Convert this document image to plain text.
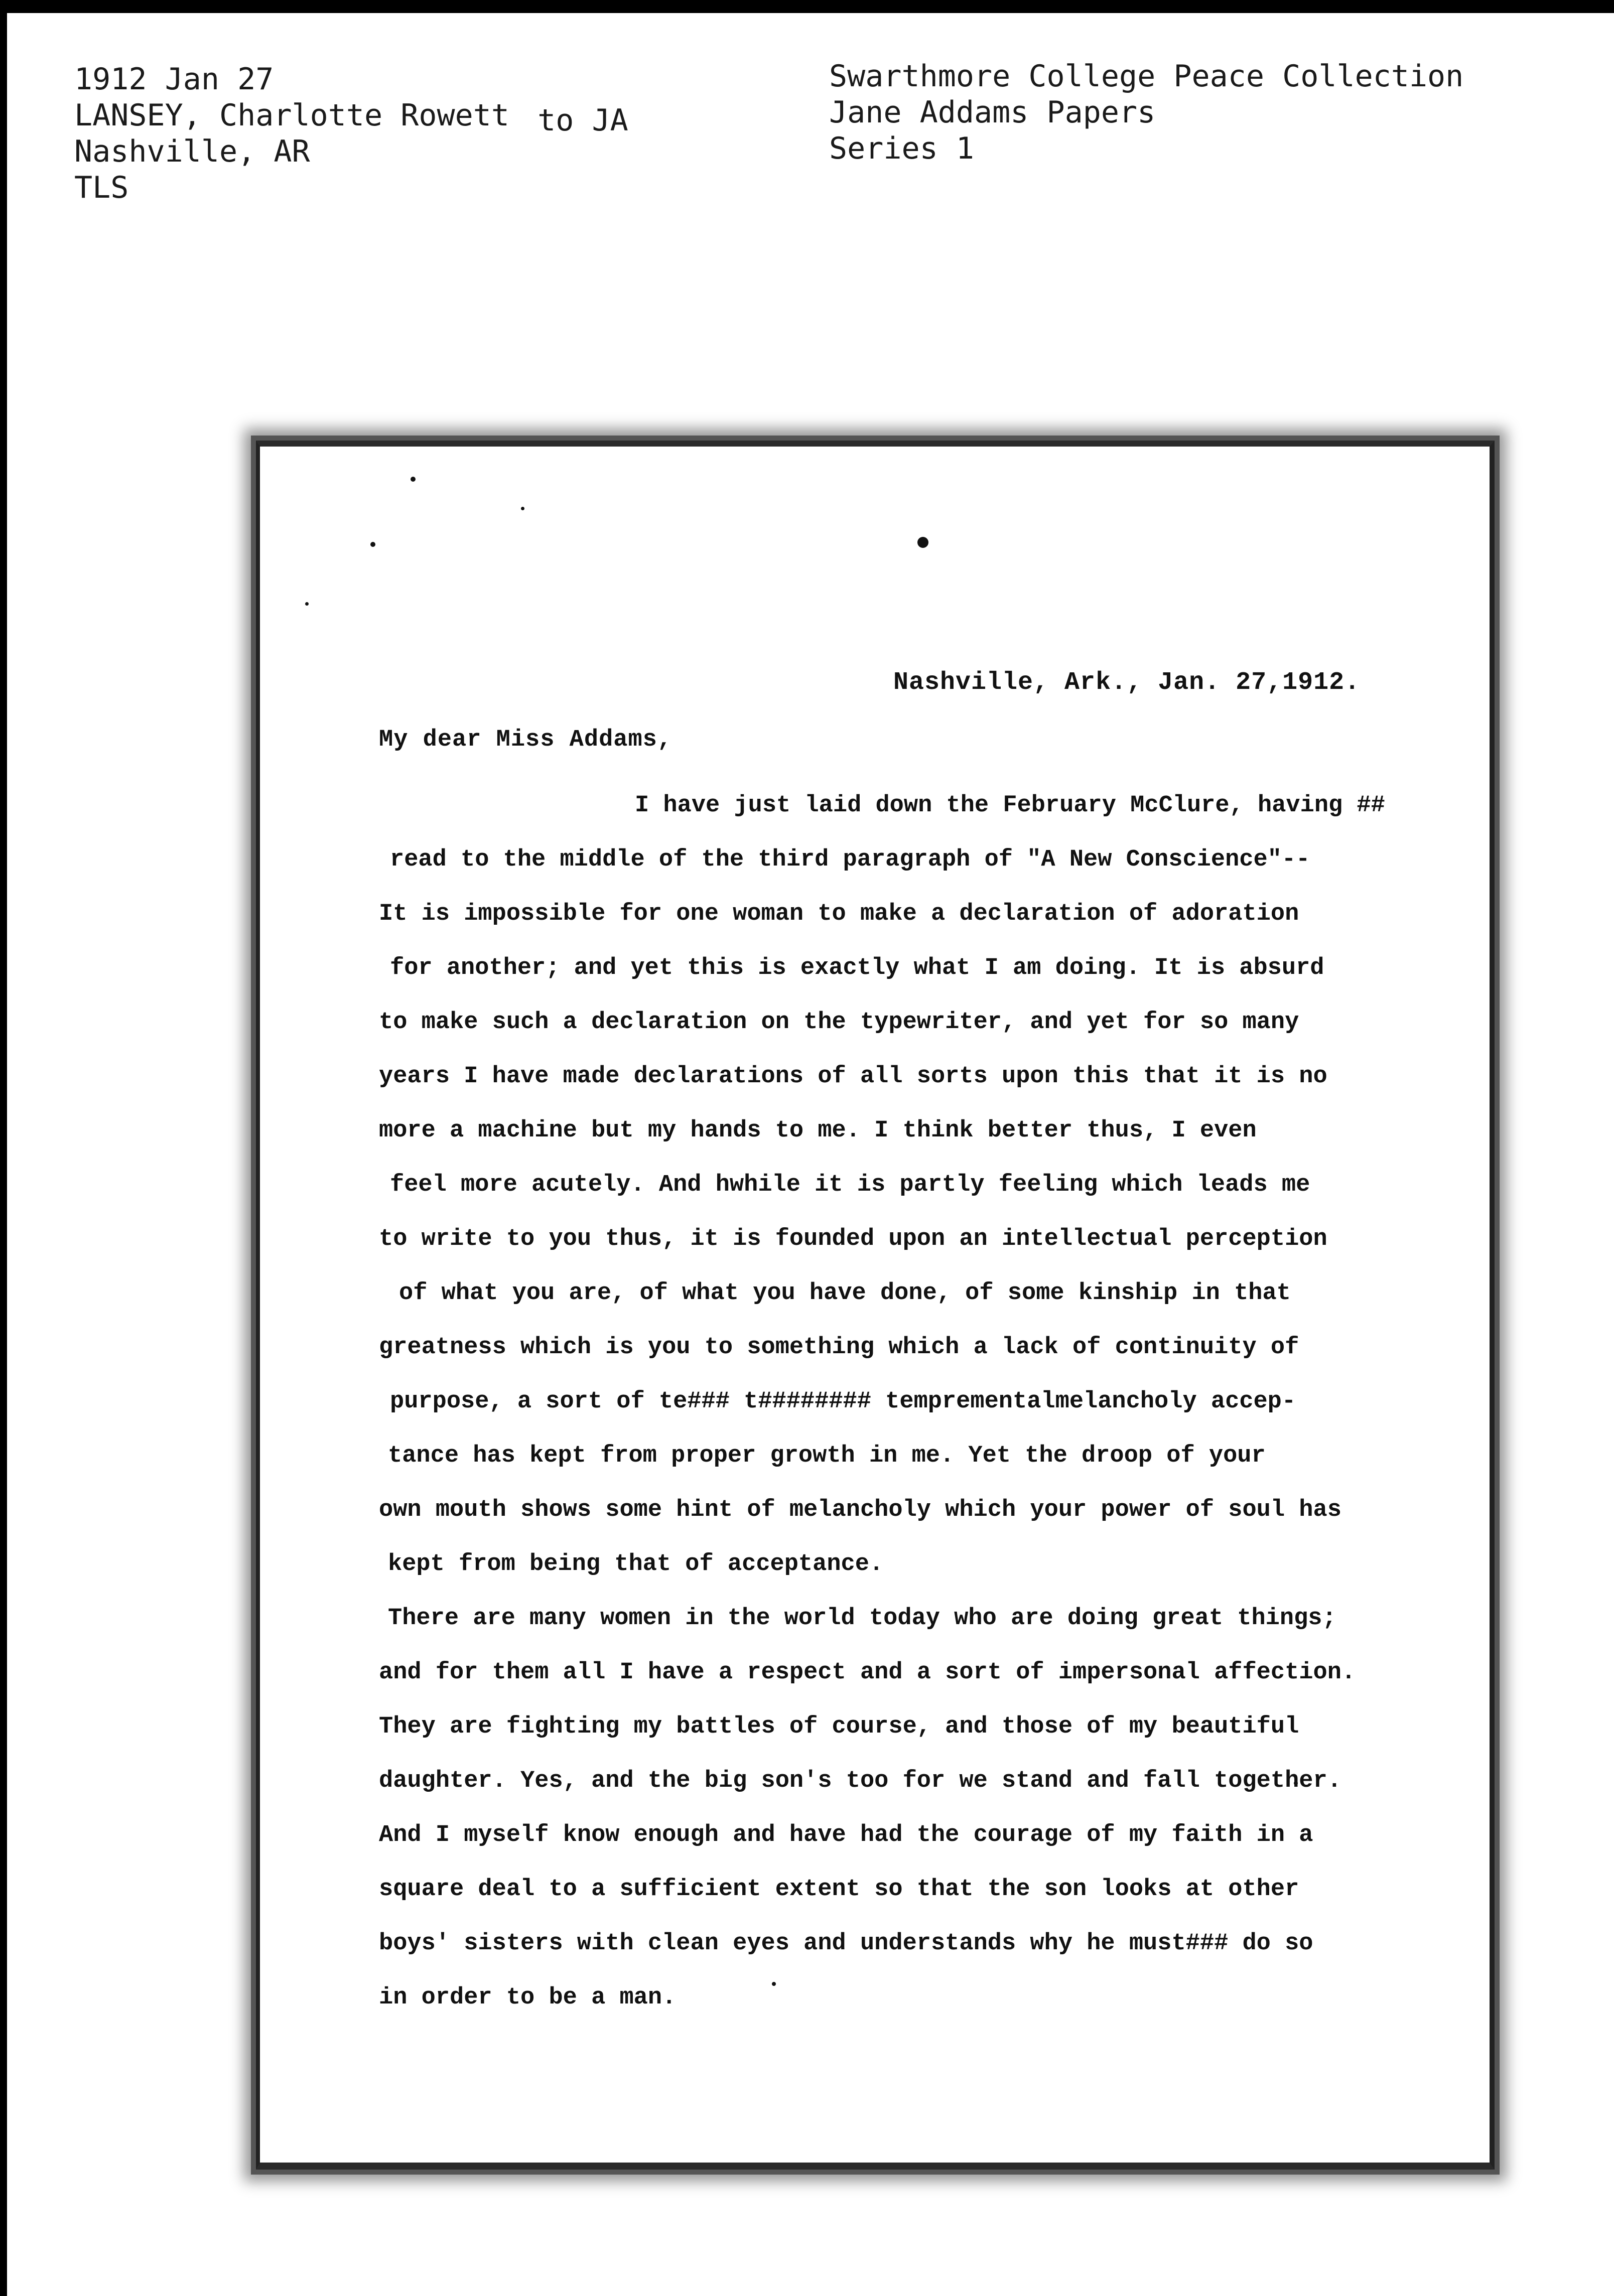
1912 Jan 27
LANSEY, Charlotte Rowett to JA
Nashville, AR
TLS
Swarthmore College Peace Collection
Jane Addams Papers
Series 1
Nashville, Ark., Jan. 27,1912.
My dear Miss Addams,
I have just laid down the February McClure, having ##
read to the middle of the third paragraph of "A New Conscience"--
It is impossible for one woman to make a declaration of adoration
for another; and yet this is exactly what I am doing. It is absurd
to make such a declaration on the typewriter, and yet for so many
years I have made declarations of all sorts upon this that it is no
more a machine but my hands to me. I think better thus, I even
feel more acutely. And hwhile it is partly feeling which leads me
to write to you thus, it is founded upon an intellectual perception
of what you are, of what you have done, of some kinship in that
greatness which is you to something which a lack of continuity of
purpose, a sort of te### t######## temprementalmelancholy accep-
tance has kept from proper growth in me. Yet the droop of your
own mouth shows some hint of melancholy which your power of soul has
kept from being that of acceptance.
There are many women in the world today who are doing great things;
and for them all I have a respect and a sort of impersonal affection.
They are fighting my battles of course, and those of my beautiful
daughter. Yes, and the big son's too for we stand and fall together.
And I myself know enough and have had the courage of my faith in a
square deal to a sufficient extent so that the son looks at other
boys' sisters with clean eyes and understands why he must### do so
in order to be a man.
